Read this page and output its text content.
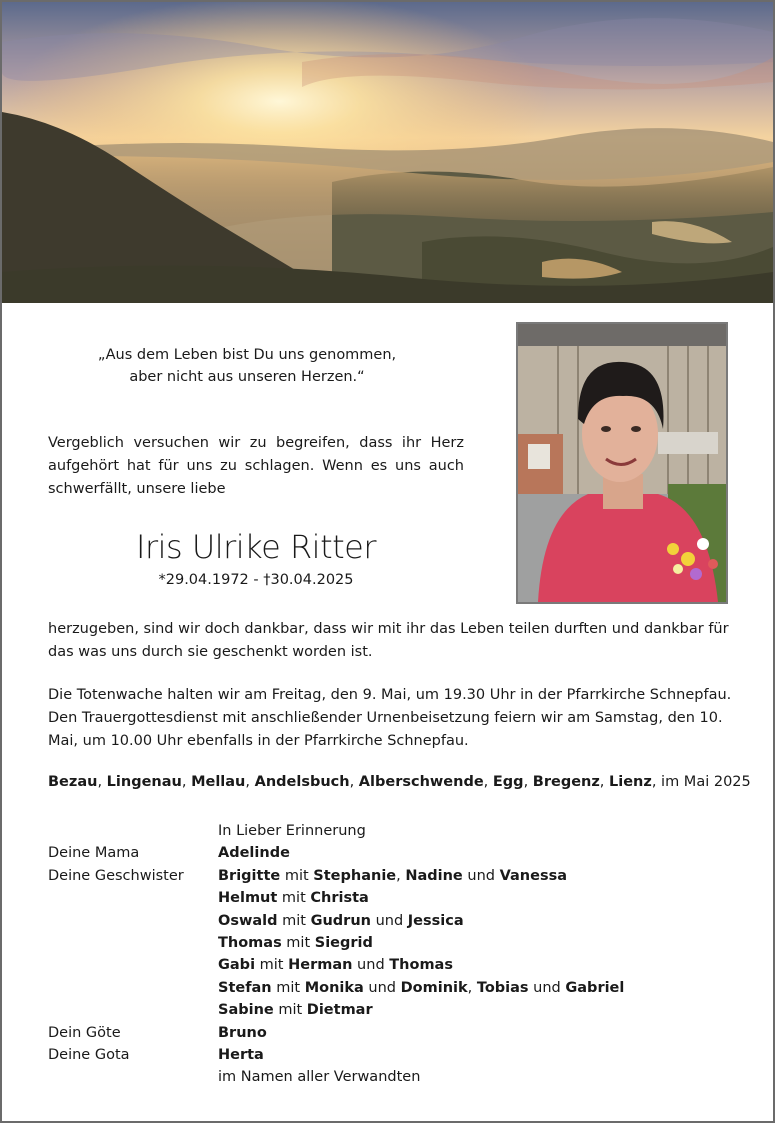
„Aus dem Leben bist Du uns genommen,
aber nicht aus unseren Herzen.“
Vergeblich versuchen wir zu begreifen, dass ihr Herz aufgehört hat für uns zu schlagen. Wenn es uns auch schwerfällt, unsere liebe
Iris Ulrike Ritter
*29.04.1972 - †30.04.2025
herzugeben, sind wir doch dankbar, dass wir mit ihr das Leben teilen durften und dankbar für das was uns durch sie geschenkt worden ist.
Die Totenwache halten wir am Freitag, den 9. Mai, um 19.30 Uhr in der Pfarrkirche Schnepfau. Den Trauergottesdienst mit anschließender Urnenbeisetzung feiern wir am Samstag, den 10. Mai, um 10.00 Uhr ebenfalls in der Pfarrkirche Schnepfau.
Bezau, Lingenau, Mellau, Andelsbuch, Alberschwende, Egg, Bregenz, Lienz, im Mai 2025
In Lieber Erinnerung
Deine Mama	Adelinde
Deine Geschwister	Brigitte mit Stephanie, Nadine und Vanessa
Helmut mit Christa
Oswald mit Gudrun und Jessica
Thomas mit Siegrid
Gabi mit Herman und Thomas
Stefan mit Monika und Dominik, Tobias und Gabriel
Sabine mit Dietmar
Dein Göte	Bruno
Deine Gota	Herta
im Namen aller Verwandten
